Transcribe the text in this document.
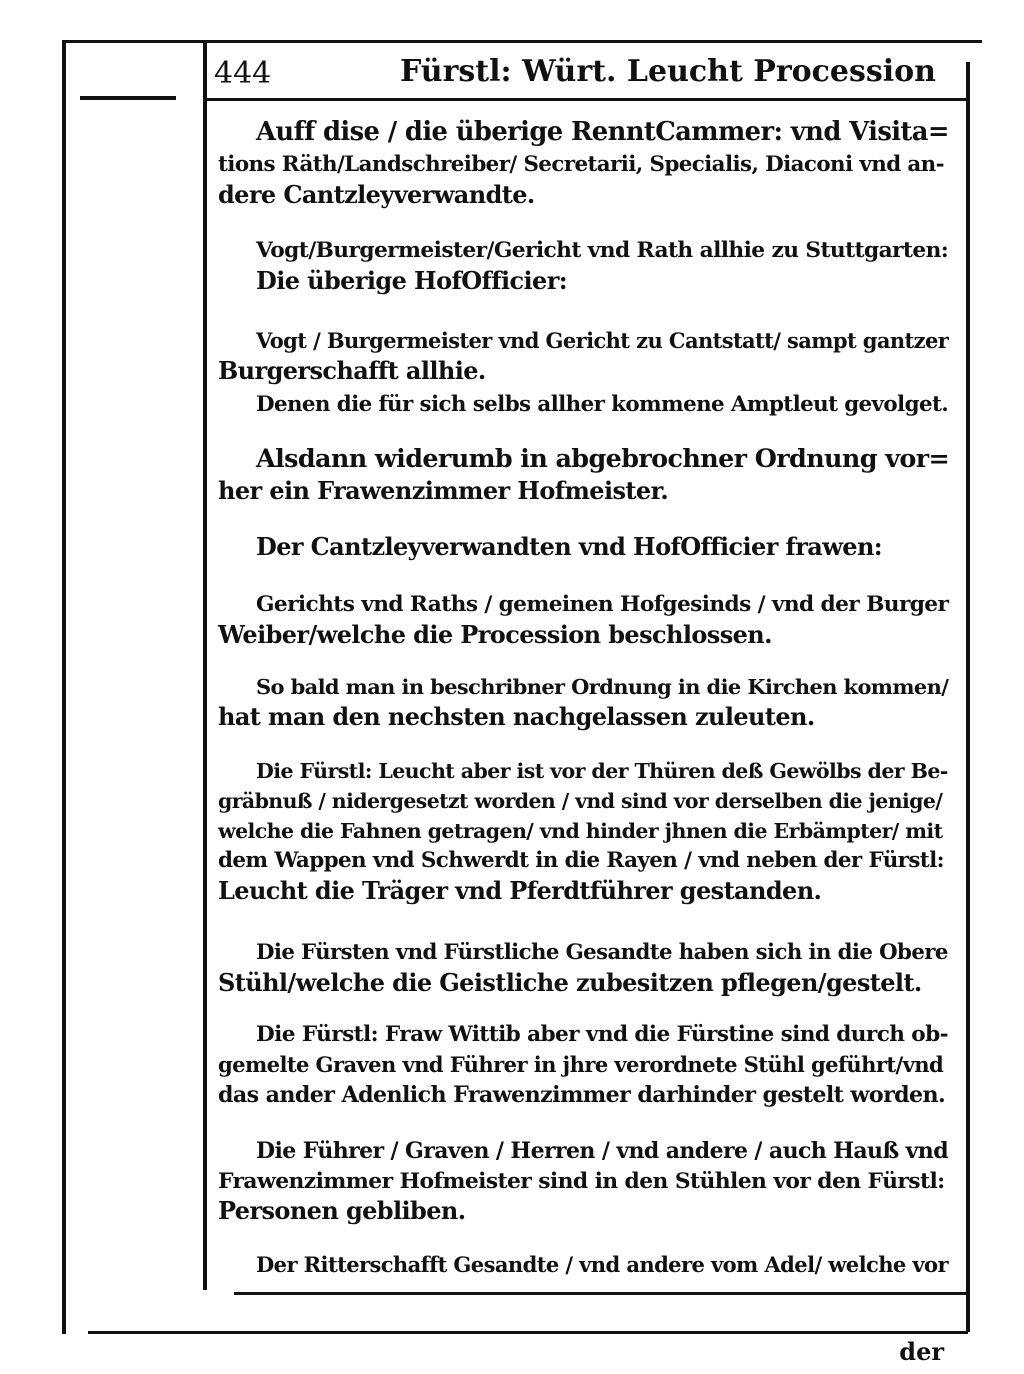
444	Fürstl: Würt. Leucht Procession
Auff dise / die überige RenntCammer: vnd Visita=
tions Räth/Landschreiber/ Secretarii, Specialis, Diaconi vnd an-
dere Cantzleyverwandte.
Vogt/Burgermeister/Gericht vnd Rath allhie zu Stuttgarten:
Die überige HofOfficier:
Vogt / Burgermeister vnd Gericht zu Cantstatt/ sampt gantzer
Burgerschafft allhie.
Denen die für sich selbs allher kommene Amptleut gevolget.
Alsdann widerumb in abgebrochner Ordnung vor=
her ein Frawenzimmer Hofmeister.
Der Cantzleyverwandten vnd HofOfficier frawen:
Gerichts vnd Raths / gemeinen Hofgesinds / vnd der Burger
Weiber/welche die Procession beschlossen.
So bald man in beschribner Ordnung in die Kirchen kommen/
hat man den nechsten nachgelassen zuleuten.
Die Fürstl: Leucht aber ist vor der Thüren deß Gewölbs der Be-
gräbnuß / nidergesetzt worden / vnd sind vor derselben die jenige/
welche die Fahnen getragen/ vnd hinder jhnen die Erbämpter/ mit
dem Wappen vnd Schwerdt in die Rayen / vnd neben der Fürstl:
Leucht die Träger vnd Pferdtführer gestanden.
Die Fürsten vnd Fürstliche Gesandte haben sich in die Obere
Stühl/welche die Geistliche zubesitzen pflegen/gestelt.
Die Fürstl: Fraw Wittib aber vnd die Fürstine sind durch ob-
gemelte Graven vnd Führer in jhre verordnete Stühl geführt/vnd
das ander Adenlich Frawenzimmer darhinder gestelt worden.
Die Führer / Graven / Herren / vnd andere / auch Hauß vnd
Frawenzimmer Hofmeister sind in den Stühlen vor den Fürstl:
Personen gebliben.
Der Ritterschafft Gesandte / vnd andere vom Adel/ welche vor
der
